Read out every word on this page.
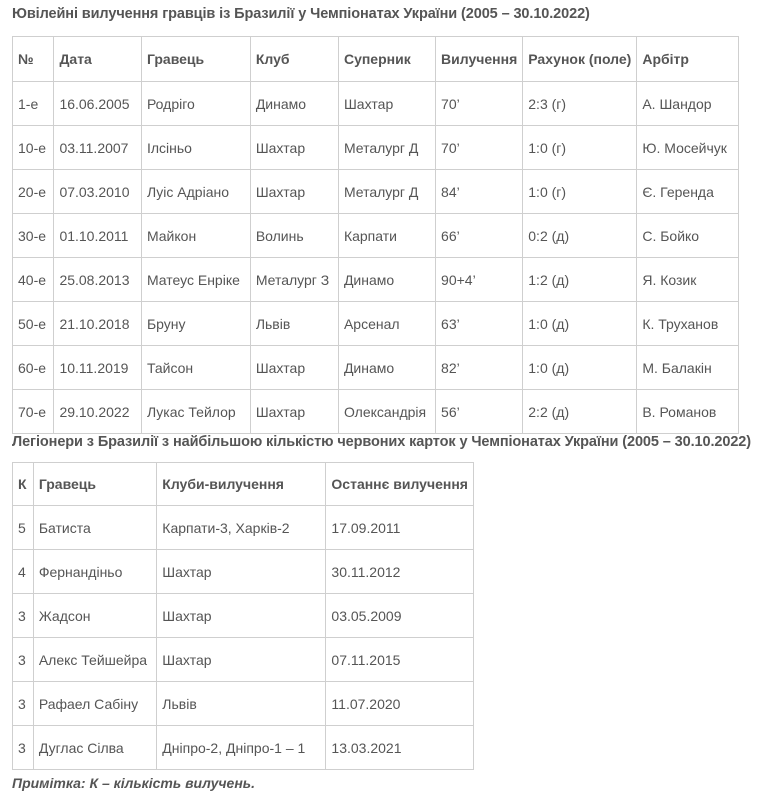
Ювілейні вилучення гравців із Бразилії у Чемпіонатах України (2005 – 30.10.2022)
№	Дата	Гравець	Клуб	Суперник	Вилучення	Рахунок (поле)	Арбітр
1-е	16.06.2005	Родріго	Динамо	Шахтар	70’	2:3 (г)	А. Шандор
10-е	03.11.2007	Ілсіньо	Шахтар	Металург Д	70’	1:0 (г)	Ю. Мосейчук
20-е	07.03.2010	Луіс Адріано	Шахтар	Металург Д	84’	1:0 (г)	Є. Геренда
30-е	01.10.2011	Майкон	Волинь	Карпати	66’	0:2 (д)	С. Бойко
40-е	25.08.2013	Матеус Енріке	Металург З	Динамо	90+4’	1:2 (д)	Я. Козик
50-е	21.10.2018	Бруну	Львів	Арсенал	63’	1:0 (д)	К. Труханов
60-е	10.11.2019	Тайсон	Шахтар	Динамо	82’	1:0 (д)	М. Балакін
70-е	29.10.2022	Лукас Тейлор	Шахтар	Олександрія	56’	2:2 (д)	В. Романов
Легіонери з Бразилії з найбільшою кількістю червоних карток у Чемпіонатах України (2005 – 30.10.2022)
К	Гравець	Клуби-вилучення	Останнє вилучення
5	Батиста	Карпати-3, Харків-2	17.09.2011
4	Фернандіньо	Шахтар	30.11.2012
3	Жадсон	Шахтар	03.05.2009
3	Алекс Тейшейра	Шахтар	07.11.2015
3	Рафаел Сабіну	Львів	11.07.2020
3	Дуглас Сілва	Дніпро-2, Дніпро-1 – 1	13.03.2021
Примітка: К – кількість вилучень.
